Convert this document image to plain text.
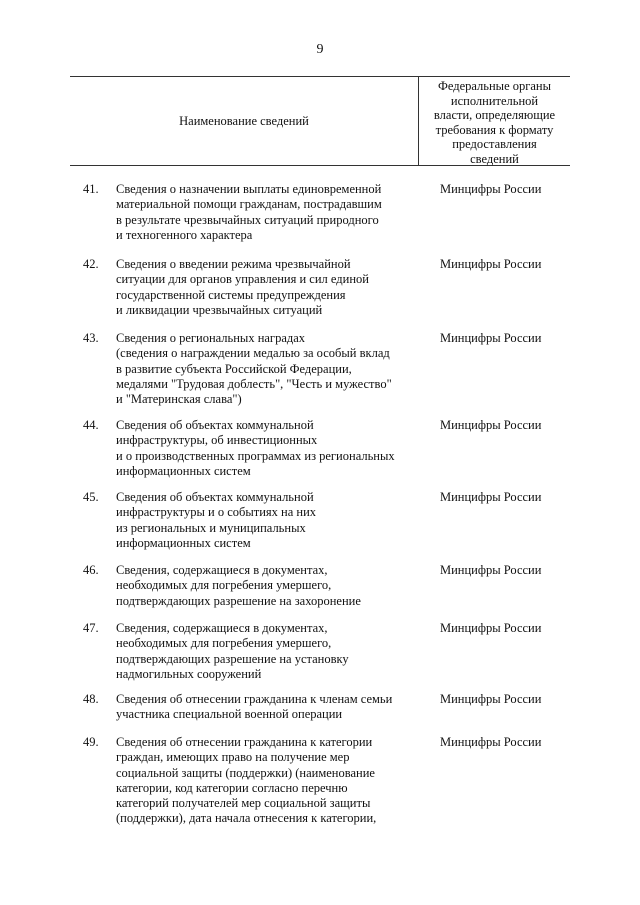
9
Наименование сведений
Федеральные органы
исполнительной
власти, определяющие
требования к формату
предоставления
сведений
41.	Сведения о назначении выплаты единовременной
материальной помощи гражданам, пострадавшим
в результате чрезвычайных ситуаций природного
и техногенного характера
Минцифры России
42.	Сведения о введении режима чрезвычайной
ситуации для органов управления и сил единой
государственной системы предупреждения
и ликвидации чрезвычайных ситуаций
Минцифры России
43.	Сведения о региональных наградах
(сведения о награждении медалью за особый вклад
в развитие субъекта Российской Федерации,
медалями "Трудовая доблесть", "Честь и мужество"
и "Материнская слава")
Минцифры России
44.	Сведения об объектах коммунальной
инфраструктуры, об инвестиционных
и о производственных программах из региональных
информационных систем
Минцифры России
45.	Сведения об объектах коммунальной
инфраструктуры и о событиях на них
из региональных и муниципальных
информационных систем
Минцифры России
46.	Сведения, содержащиеся в документах,
необходимых для погребения умершего,
подтверждающих разрешение на захоронение
Минцифры России
47.	Сведения, содержащиеся в документах,
необходимых для погребения умершего,
подтверждающих разрешение на установку
надмогильных сооружений
Минцифры России
48.	Сведения об отнесении гражданина к членам семьи
участника специальной военной операции
Минцифры России
49.	Сведения об отнесении гражданина к категории
граждан, имеющих право на получение мер
социальной защиты (поддержки) (наименование
категории, код категории согласно перечню
категорий получателей мер социальной защиты
(поддержки), дата начала отнесения к категории,
Минцифры России
